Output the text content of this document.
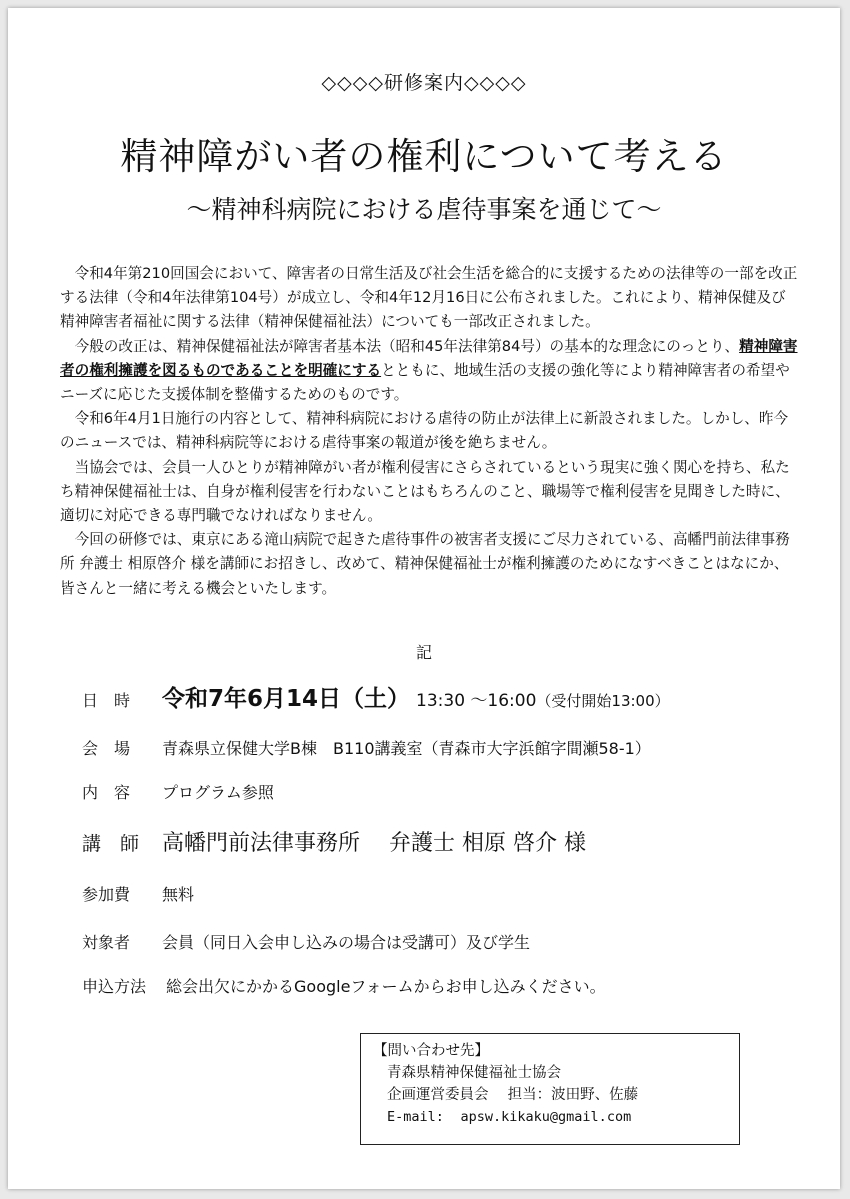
◇◇◇◇研修案内◇◇◇◇
精神障がい者の権利について考える
～精神科病院における虐待事案を通じて～

令和4年第210回国会において、障害者の日常生活及び社会生活を総合的に支援するための法律等の一部を改正する法律（令和4年法律第104号）が成立し、令和4年12月16日に公布されました。これにより、精神保健及び精神障害者福祉に関する法律（精神保健福祉法）についても一部改正されました。

今般の改正は、精神保健福祉法が障害者基本法（昭和45年法律第84号）の基本的な理念にのっとり、精神障害者の権利擁護を図るものであることを明確にするとともに、地域生活の支援の強化等により精神障害者の希望やニーズに応じた支援体制を整備するためのものです。

令和6年4月1日施行の内容として、精神科病院における虐待の防止が法律上に新設されました。しかし、昨今のニュースでは、精神科病院等における虐待事案の報道が後を絶ちません。

当協会では、会員一人ひとりが精神障がい者が権利侵害にさらされているという現実に強く関心を持ち、私たち精神保健福祉士は、自身が権利侵害を行わないことはもちろんのこと、職場等で権利侵害を見聞きした時に、適切に対応できる専門職でなければなりません。

今回の研修では、東京にある滝山病院で起きた虐待事件の被害者支援にご尽力されている、高幡門前法律事務所 弁護士 相原啓介 様を講師にお招きし、改めて、精神保健福祉士が権利擁護のためになすべきことはなにか、皆さんと一緒に考える機会といたします。

記
日　時	令和7年6月14日（土） 13:30 ～16:00 （受付開始13:00）
会　場	青森県立保健大学B棟　B110講義室（青森市大字浜館字間瀬58-1）
内　容	プログラム参照
講　師	高幡門前法律事務所　 弁護士 相原 啓介 様
参加費	無料
対象者	会員（同日入会申し込みの場合は受講可）及び学生
申込方法	総会出欠にかかるGoogleフォームからお申し込みください。
【問い合わせ先】
青森県精神保健福祉士協会
企画運営委員会　 担当：波田野、佐藤
E-mail: apsw.kikaku@gmail.com
